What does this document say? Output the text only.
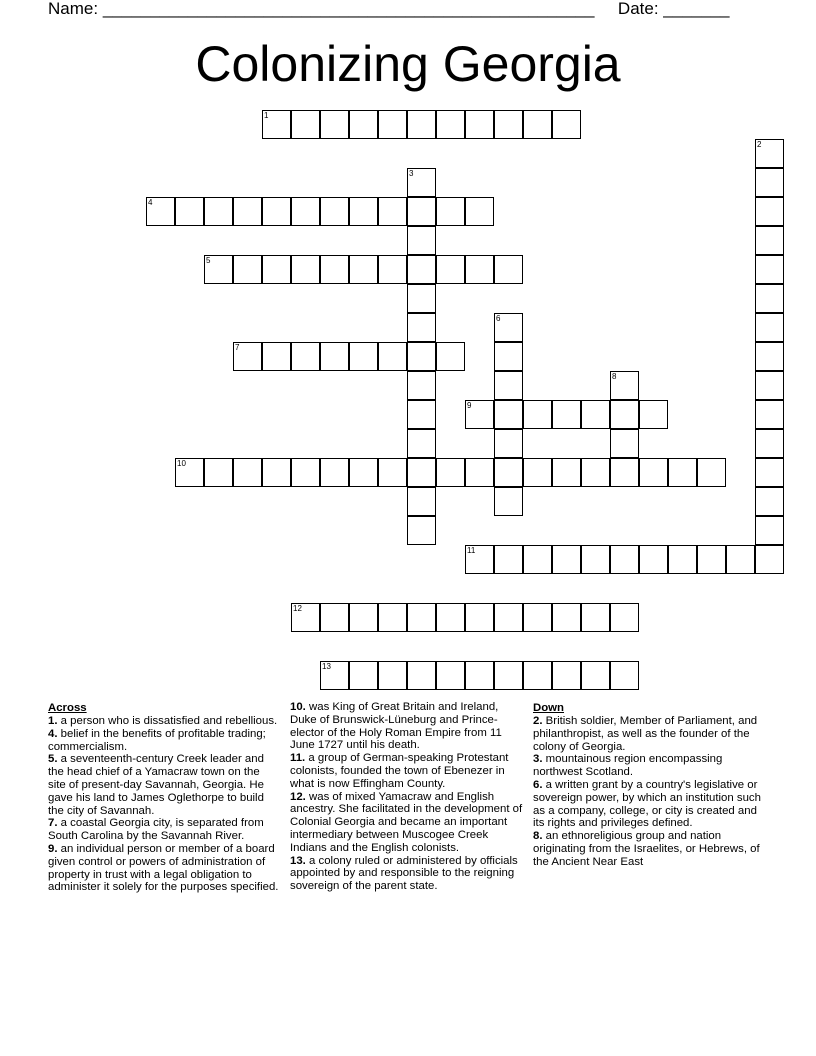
Name: ____________________________________________________ Date: _______
Colonizing Georgia
1
2
3
4
5
6
7
8
9
10
11
12
13
Across

1. a person who is dissatisfied and rebellious.

4. belief in the benefits of profitable trading; commercialism.

5. a seventeenth-century Creek leader and the head chief of a Yamacraw town on the site of present-day Savannah, Georgia. He gave his land to James Oglethorpe to build the city of Savannah.

7. a coastal Georgia city, is separated from South Carolina by the Savannah River.

9. an individual person or member of a board given control or powers of administration of property in trust with a legal obligation to administer it solely for the purposes specified.

10. was King of Great Britain and Ireland, Duke of Brunswick-Lüneburg and Prince-elector of the Holy Roman Empire from 11 June 1727 until his death.

11. a group of German-speaking Protestant colonists, founded the town of Ebenezer in what is now Effingham County.

12. was of mixed Yamacraw and English ancestry. She facilitated in the development of Colonial Georgia and became an important intermediary between Muscogee Creek Indians and the English colonists.

13. a colony ruled or administered by officials appointed by and responsible to the reigning sovereign of the parent state.

Down

2. British soldier, Member of Parliament, and philanthropist, as well as the founder of the colony of Georgia.

3. mountainous region encompassing northwest Scotland.

6. a written grant by a country's legislative or sovereign power, by which an institution such as a company, college, or city is created and its rights and privileges defined.

8. an ethnoreligious group and nation originating from the Israelites, or Hebrews, of the Ancient Near East
